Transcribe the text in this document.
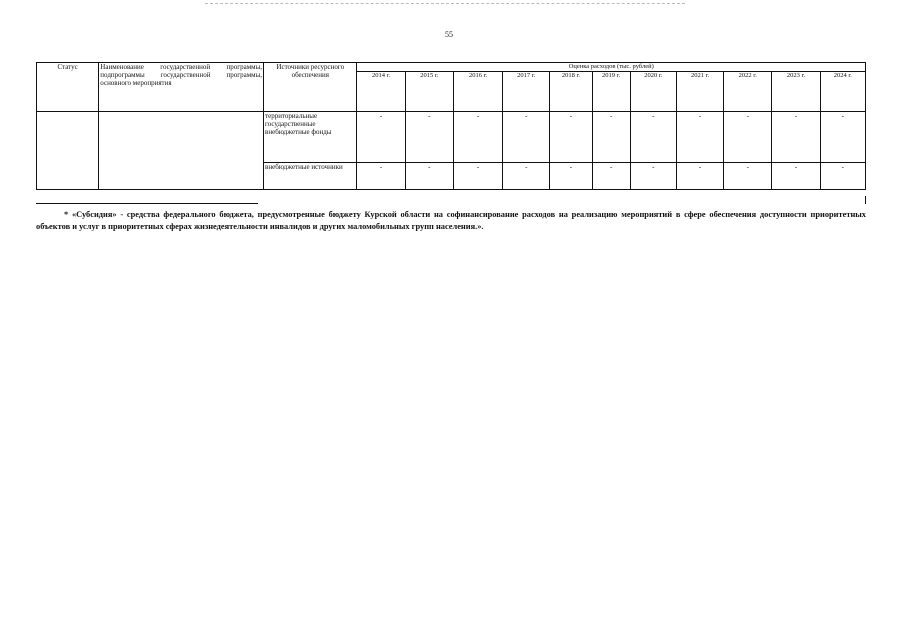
55
Статус	Наименование государственной программы, подпрограммы государственной программы, основного мероприятия	Источники ресурсного обеспечения	Оценка расходов (тыс. рублей)										
			2014 г.	2015 г.	2016 г.	2017 г.	2018 г.	2019 г.	2020 г.	2021 г.	2022 г.	2023 г.	2024 г.
		территориальные государственные внебюджетные фонды	-	-	-	-	-	-	-	-	-	-	-
		внебюджетные источники	-	-	-	-	-	-	-	-	-	-	-
* «Субсидия» - средства федерального бюджета, предусмотренные бюджету Курской области на софинансирование расходов на реализацию мероприятий в сфере обеспечения доступности приоритетных объектов и услуг в приоритетных сферах жизнедеятельности инвалидов и других маломобильных групп населения.».
